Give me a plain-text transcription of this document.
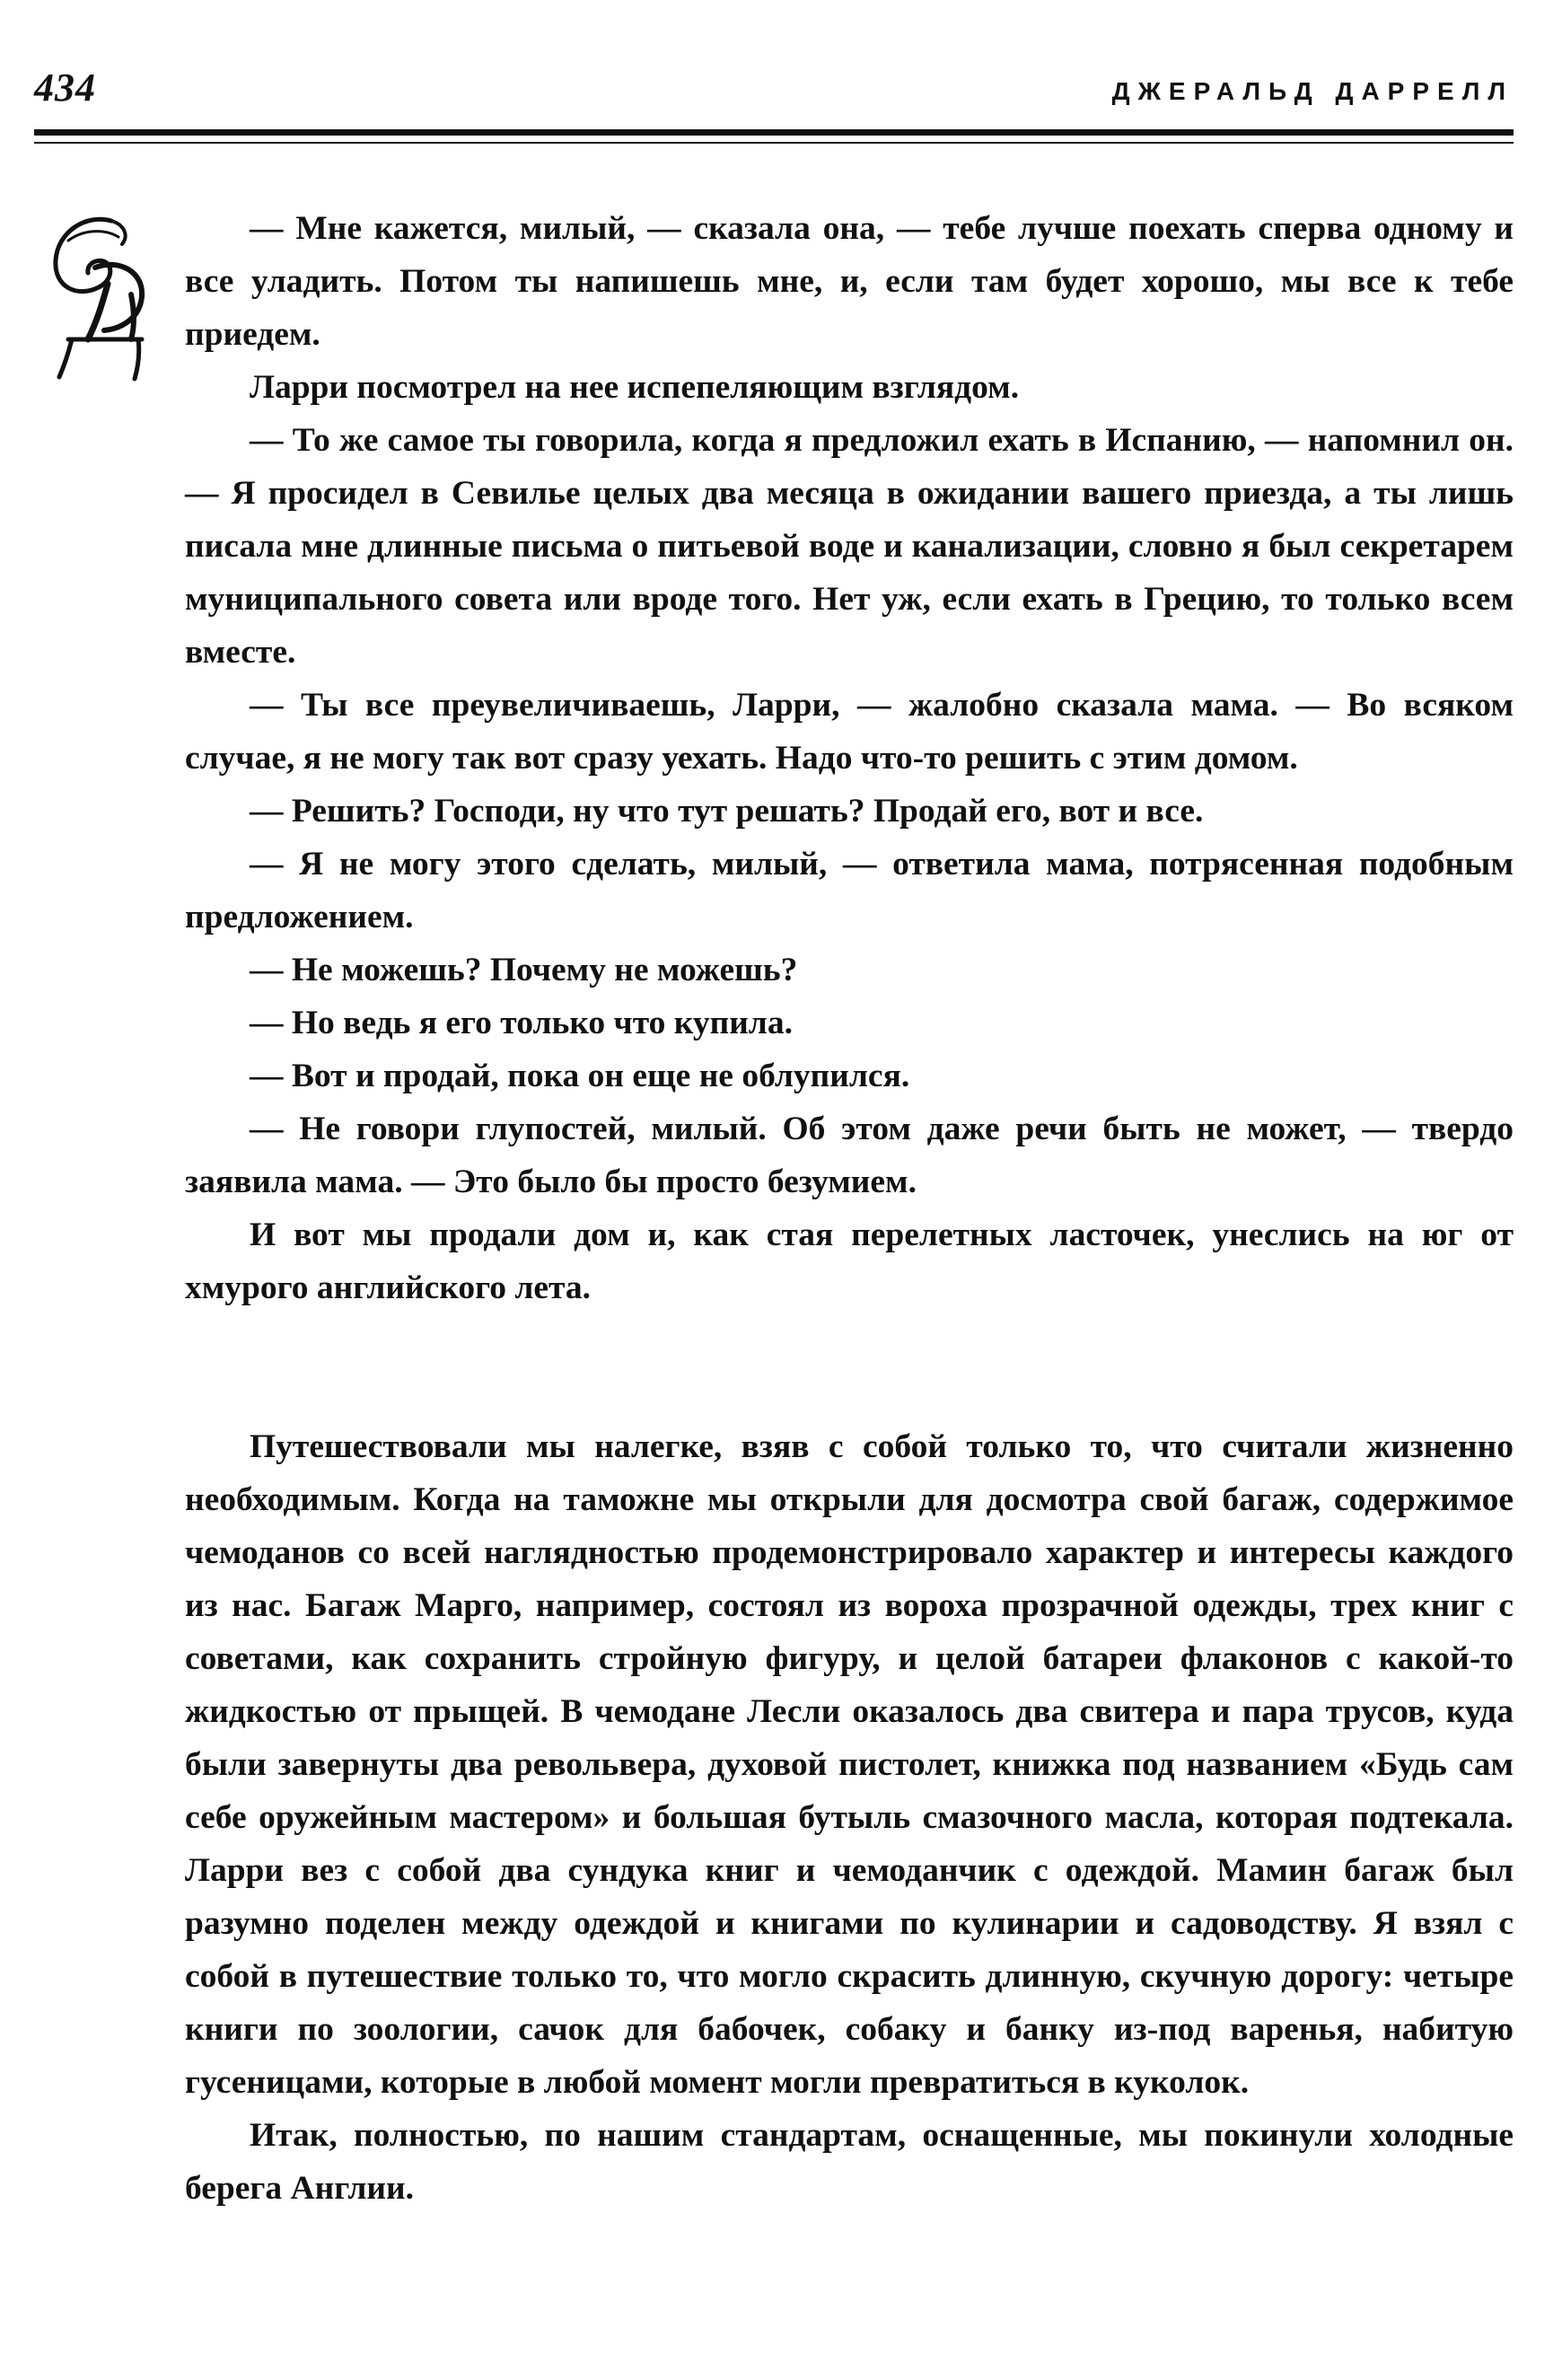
434	ДЖЕРАЛЬД ДАРРЕЛЛ

— Мне кажется, милый, — сказала она, — тебе лучше поехать сперва одному и все уладить. Потом ты напишешь мне, и, если там будет хорошо, мы все к тебе приедем.

Ларри посмотрел на нее испепеляющим взглядом.

— То же самое ты говорила, когда я предложил ехать в Испанию, — напомнил он. — Я просидел в Севилье целых два месяца в ожидании вашего приезда, а ты лишь писала мне длинные письма о питьевой воде и канализации, словно я был секретарем муниципального совета или вроде того. Нет уж, если ехать в Грецию, то только всем вместе.

— Ты все преувеличиваешь, Ларри, — жалобно сказала мама. — Во всяком случае, я не могу так вот сразу уехать. Надо что-то решить с этим домом.

— Решить? Господи, ну что тут решать? Продай его, вот и все.

— Я не могу этого сделать, милый, — ответила мама, потрясенная подобным предложением.

— Не можешь? Почему не можешь?

— Но ведь я его только что купила.

— Вот и продай, пока он еще не облупился.

— Не говори глупостей, милый. Об этом даже речи быть не может, — твердо заявила мама. — Это было бы просто безумием.

И вот мы продали дом и, как стая перелетных ласточек, унеслись на юг от хмурого английского лета.

Путешествовали мы налегке, взяв с собой только то, что считали жизненно необходимым. Когда на таможне мы открыли для досмотра свой багаж, содержимое чемоданов со всей наглядностью продемонстрировало характер и интересы каждого из нас. Багаж Марго, например, состоял из вороха прозрачной одежды, трех книг с советами, как сохранить стройную фигуру, и целой батареи флаконов с какой-то жидкостью от прыщей. В чемодане Лесли оказалось два свитера и пара трусов, куда были завернуты два револьвера, духовой пистолет, книжка под названием «Будь сам себе оружейным мастером» и большая бутыль смазочного масла, которая подтекала. Ларри вез с собой два сундука книг и чемоданчик с одеждой. Мамин багаж был разумно поделен между одеждой и книгами по кулинарии и садоводству. Я взял с собой в путешествие только то, что могло скрасить длинную, скучную дорогу: четыре книги по зоологии, сачок для бабочек, собаку и банку из-под варенья, набитую гусеницами, которые в любой момент могли превратиться в куколок.

Итак, полностью, по нашим стандартам, оснащенные, мы покинули холодные берега Англии.
